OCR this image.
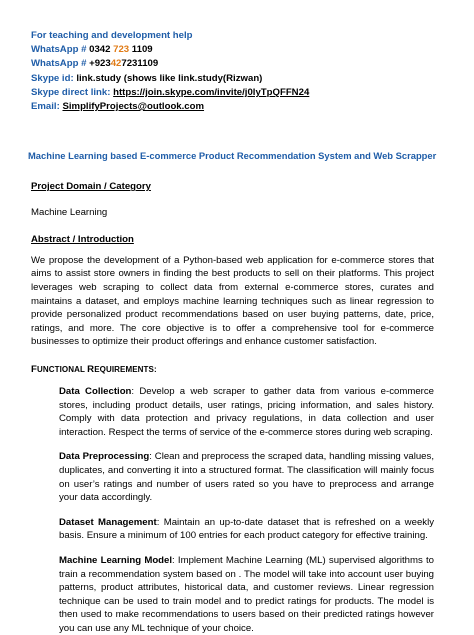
For teaching and development help
WhatsApp # 0342 723 1109
WhatsApp # +923427231109
Skype id: link.study (shows like link.study(Rizwan)
Skype direct link: https://join.skype.com/invite/j0lyTpQFFN24
Email: SimplifyProjects@outlook.com
Machine Learning based E-commerce Product Recommendation System and Web Scrapper
Project Domain / Category
Machine Learning
Abstract / Introduction
We propose the development of a Python-based web application for e-commerce stores that aims to assist store owners in finding the best products to sell on their platforms. This project leverages web scraping to collect data from external e-commerce stores, curates and maintains a dataset, and employs machine learning techniques such as linear regression to provide personalized product recommendations based on user buying patterns, date, price, ratings, and more. The core objective is to offer a comprehensive tool for e-commerce businesses to optimize their product offerings and enhance customer satisfaction.
FUNCTIONAL REQUIREMENTS:
Data Collection: Develop a web scraper to gather data from various e-commerce stores, including product details, user ratings, pricing information, and sales history. Comply with data protection and privacy regulations, in data collection and user interaction. Respect the terms of service of the e-commerce stores during web scraping.
Data Preprocessing: Clean and preprocess the scraped data, handling missing values, duplicates, and converting it into a structured format. The classification will mainly focus on user’s ratings and number of users rated so you have to preprocess and arrange your data accordingly.
Dataset Management: Maintain an up-to-date dataset that is refreshed on a weekly basis. Ensure a minimum of 100 entries for each product category for effective training.
Machine Learning Model: Implement Machine Learning (ML) supervised algorithms to train a recommendation system based on . The model will take into account user buying patterns, product attributes, historical data, and customer reviews. Linear regression technique can be used to train model and to predict ratings for products. The model is then used to make recommendations to users based on their predicted ratings however you can use any ML technique of your choice.
